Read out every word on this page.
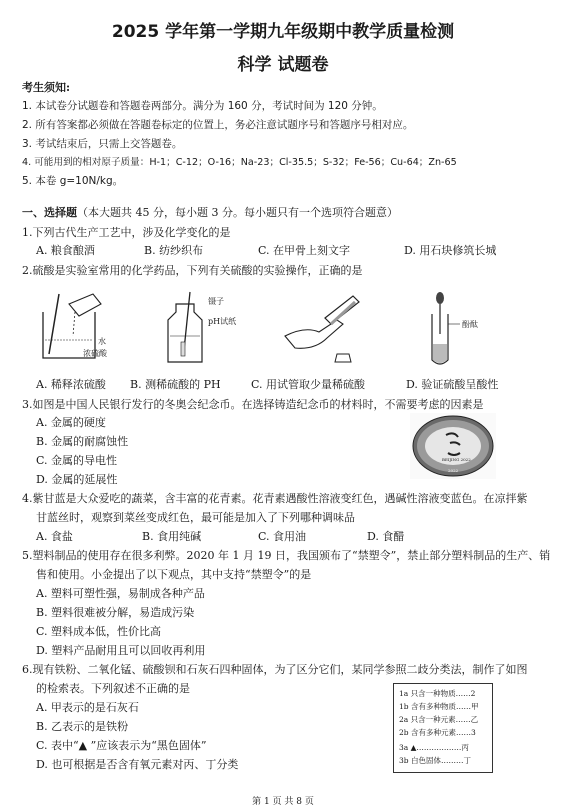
2025 学年第一学期九年级期中教学质量检测
科学 试题卷
考生须知:
1. 本试卷分试题卷和答题卷两部分。满分为 160 分，考试时间为 120 分钟。
2. 所有答案都必须做在答题卷标定的位置上，务必注意试题序号和答题序号相对应。
3. 考试结束后，只需上交答题卷。
4. 可能用到的相对原子质量：H-1；C-12；O-16；Na-23；Cl-35.5；S-32；Fe-56；Cu-64；Zn-65
5. 本卷 g=10N/kg。
一、选择题（本大题共 45 分，每小题 3 分。每小题只有一个选项符合题意）
1.下列古代生产工艺中，涉及化学变化的是
A. 粮食酿酒	B. 纺纱织布	C. 在甲骨上刻文字	D. 用石块修筑长城
2.硫酸是实验室常用的化学药品，下列有关硫酸的实验操作，正确的是
水
浓硫酸
镊子
pH试纸	酚酞
A. 稀释浓硫酸 B. 测稀硫酸的 PH	C. 用试管取少量稀硫酸	D. 验证硫酸呈酸性
3.如图是中国人民银行发行的冬奥会纪念币。在选择铸造纪念币的材料时，不需要考虑的因素是
A. 金属的硬度
B. 金属的耐腐蚀性
C. 金属的导电性
D. 金属的延展性
BEIJING 2022
2022
4.紫甘蓝是大众爱吃的蔬菜，含丰富的花青素。花青素遇酸性溶液变红色，遇碱性溶液变蓝色。在凉拌紫
甘蓝丝时，观察到菜丝变成红色，最可能是加入了下列哪种调味品
A. 食盐	B. 食用纯碱	C. 食用油	D. 食醋
5.塑料制品的使用存在很多利弊。2020 年 1 月 19 日，我国颁布了“禁塑令”，禁止部分塑料制品的生产、销
售和使用。小金提出了以下观点，其中支持“禁塑令”的是
A. 塑料可塑性强，易制成各种产品
B. 塑料很难被分解，易造成污染
C. 塑料成本低，性价比高
D. 塑料产品耐用且可以回收再利用
6.现有铁粉、二氧化锰、硫酸钡和石灰石四种固体，为了区分它们，某同学参照二歧分类法，制作了如图
的检索表。下列叙述不正确的是
A. 甲表示的是石灰石
B. 乙表示的是铁粉
C. 表中“▲ ”应该表示为“黑色固体”
D. 也可根据是否含有氧元素对丙、丁分类
1a 只含一种物质……2
1b 含有多种物质……甲
2a 只含一种元素……乙
2b 含有多种元素……3
3a ▲………………丙
3b 白色固体………丁
第 1 页 共 8 页
